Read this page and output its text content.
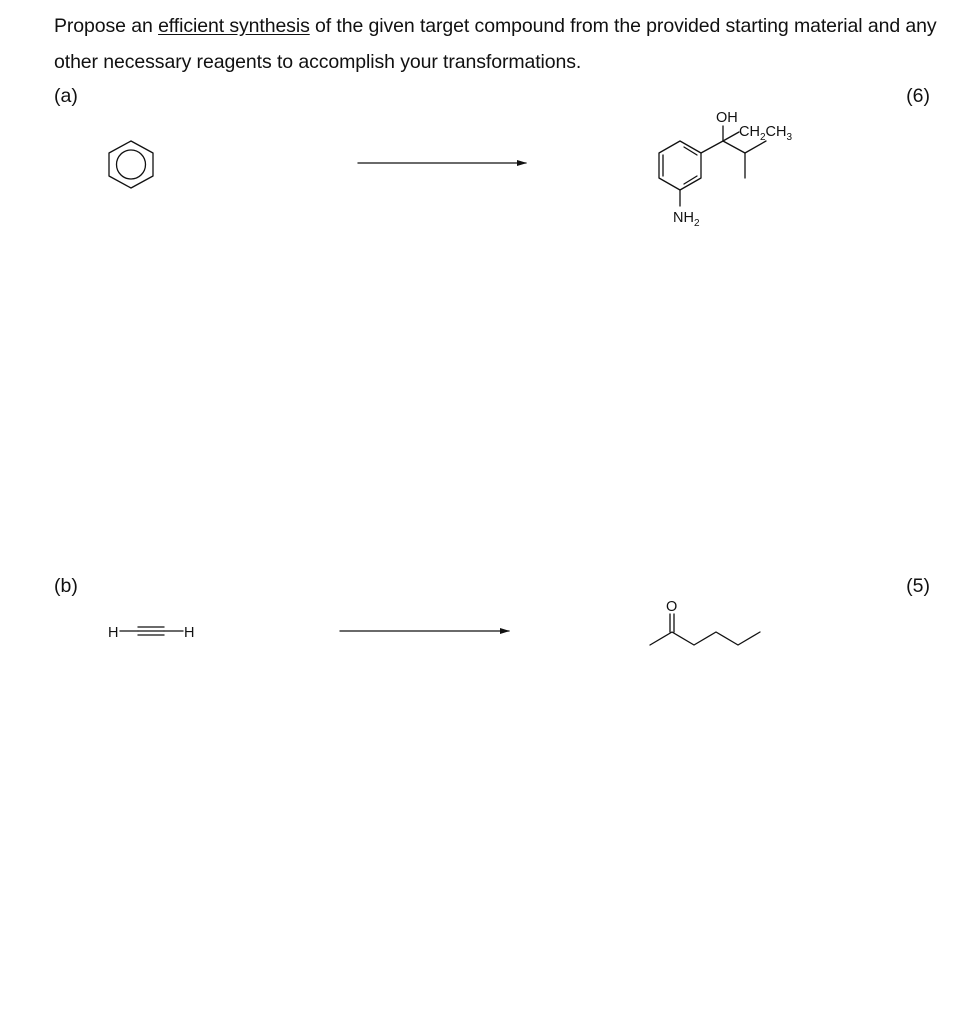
Propose an efficient synthesis of the given target compound from the provided starting material and any other necessary reagents to accomplish your transformations.
(a)	(6)
(b)	(5)
OH
$CH_2CH_3$
$NH_2$
H	H
O
